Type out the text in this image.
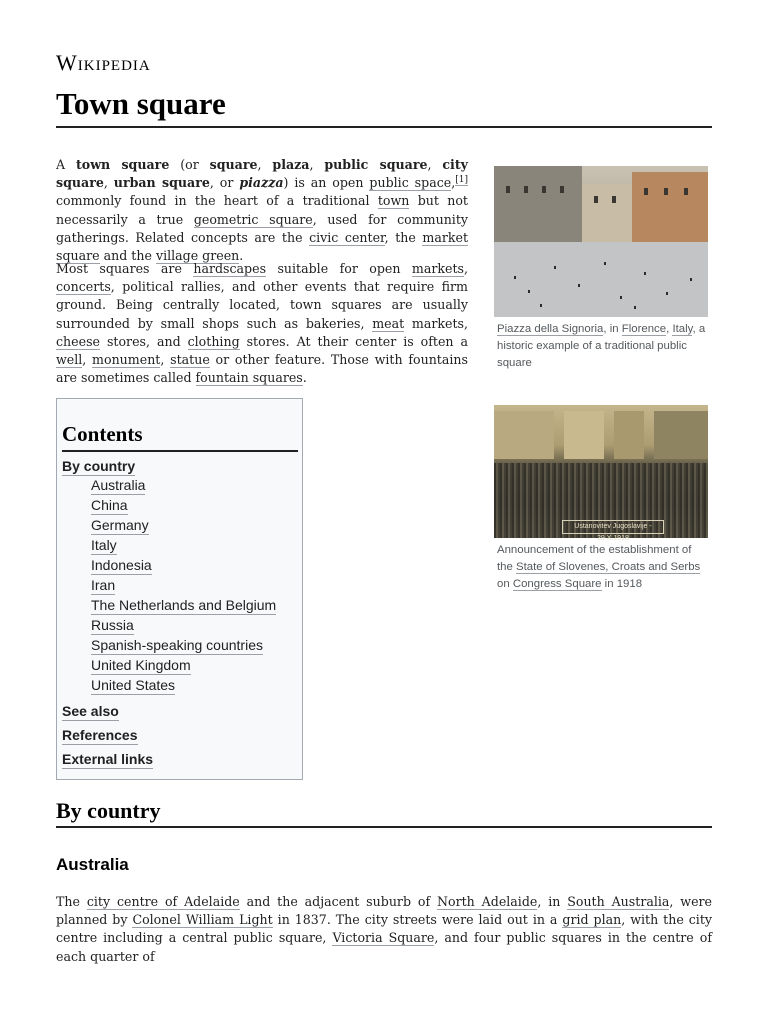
Wikipedia
Town square

A town square (or square, plaza, public square, city square, urban square, or piazza) is an open public space,[1] commonly found in the heart of a traditional town but not necessarily a true geometric square, used for community gatherings. Related concepts are the civic center, the market square and the village green.

Most squares are hardscapes suitable for open markets, concerts, political rallies, and other events that require firm ground. Being centrally located, town squares are usually surrounded by small shops such as bakeries, meat markets, cheese stores, and clothing stores. At their center is often a well, monument, statue or other feature. Those with fountains are sometimes called fountain squares.

Piazza della Signoria, in Florence, Italy, a historic example of a traditional public square
Ustanovitev Jugoslavije - 29.X.1918
Announcement of the establishment of the State of Slovenes, Croats and Serbs on Congress Square in 1918
Contents
By country
Australia
China
Germany
Italy
Indonesia
Iran
The Netherlands and Belgium
Russia
Spanish-speaking countries
United Kingdom
United States
See also
References
External links
By country
Australia

The city centre of Adelaide and the adjacent suburb of North Adelaide, in South Australia, were planned by Colonel William Light in 1837. The city streets were laid out in a grid plan, with the city centre including a central public square, Victoria Square, and four public squares in the centre of each quarter of
